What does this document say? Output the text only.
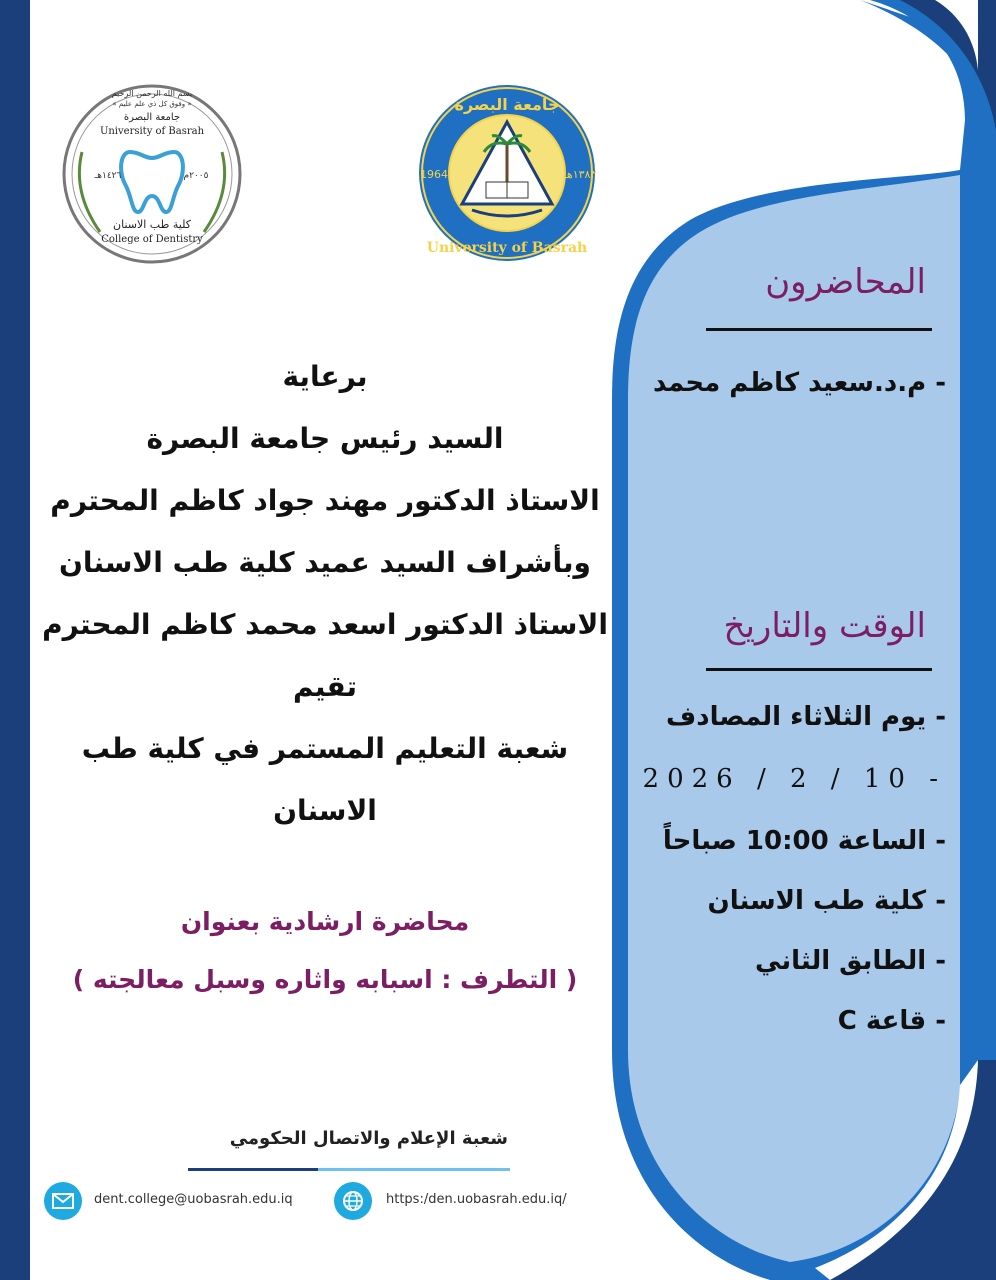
بسم الله الرحمن الرحيم
« وفوق كل ذي علم عليم »
جامعة البصرة
University of Basrah
١٤٢٦هـ	٢٠٠٥م
كلية طب الاسنان
College of Dentistry
جامعة البصرة
University of Basrah
1964	١٣٨٣هـ

برعاية

السيد رئيس جامعة البصرة

الاستاذ الدكتور مهند جواد كاظم المحترم

وبأشراف السيد عميد كلية طب الاسنان

الاستاذ الدكتور اسعد محمد كاظم المحترم

تقيم

شعبة التعليم المستمر في كلية طب الاسنان

محاضرة ارشادية بعنوان

( التطرف : اسبابه واثاره وسبل معالجته )

المحاضرون
- م.د.سعيد كاظم محمد
الوقت والتاريخ
- يوم الثلاثاء المصادف
- 10 / 2 / 2026
- الساعة 10:00 صباحاً
- كلية طب الاسنان
- الطابق الثاني
- قاعة C
شعبة الإعلام والاتصال الحكومي
dent.college@uobasrah.edu.iq	https:/den.uobasrah.edu.iq/
